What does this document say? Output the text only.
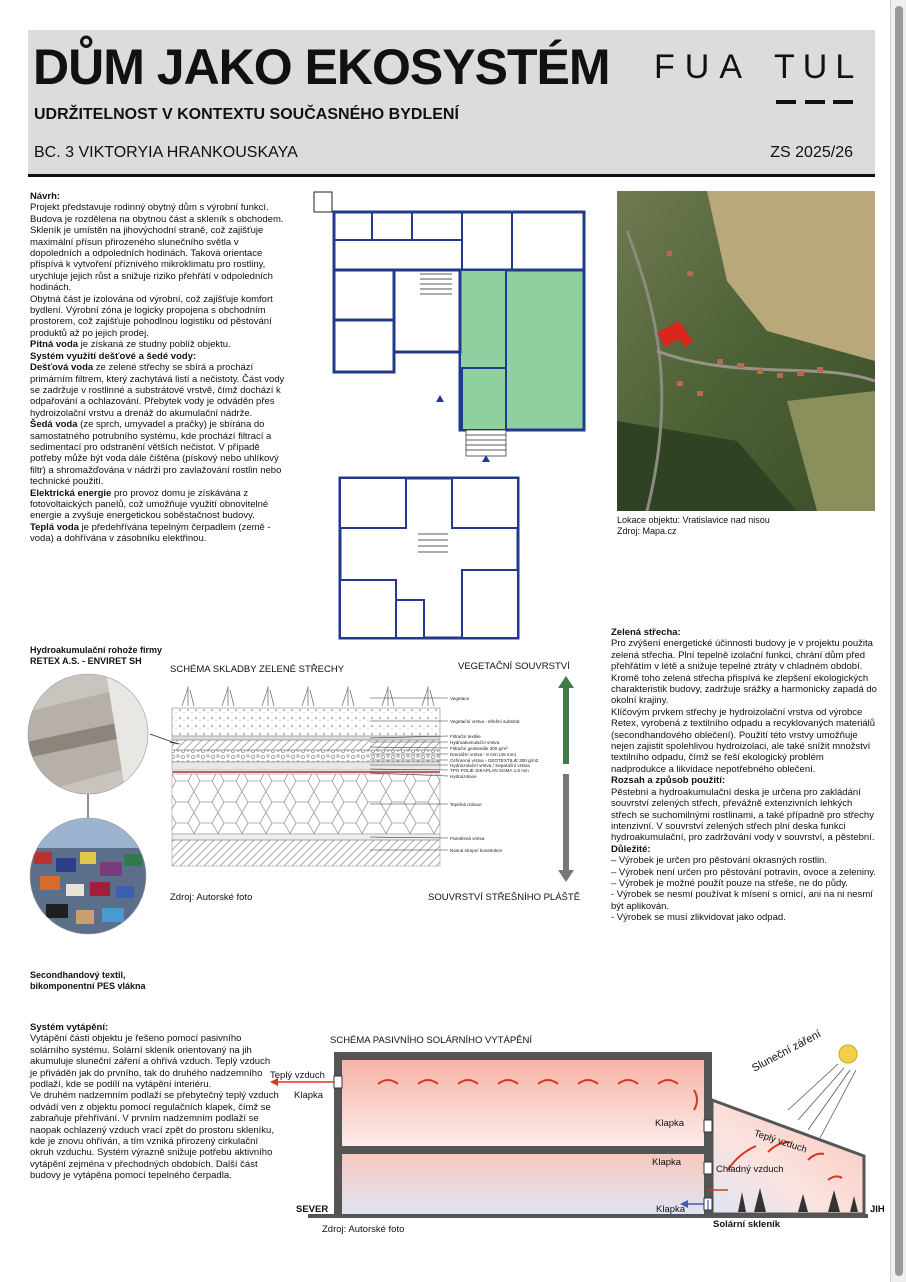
DŮM JAKO EKOSYSTÉM
UDRŽITELNOST V KONTEXTU SOUČASNÉHO BYDLENÍ
BC. 3 VIKTORYIA HRANKOUSKAYA	ZS 2025/26
FUA TUL

Návrh:

Projekt představuje rodinný obytný dům s výrobní funkcí. Budova je rozdělena na obytnou část a skleník s obchodem. Skleník je umístěn na jihovýchodní straně, což zajišťuje maximální přísun přirozeného slunečního světla v dopoledních a odpoledních hodinách. Taková orientace přispívá k vytvoření příznivého mikroklimatu pro rostliny, urychluje jejich růst a snižuje riziko přehřátí v odpoledních hodinách.

Obytná část je izolována od výrobní, což zajišťuje komfort bydlení. Výrobní zóna je logicky propojena s obchodním prostorem, což zajišťuje pohodlnou logistiku od pěstování produktů až po jejich prodej.

Pitná voda je získaná ze studny poblíž objektu.

Systém využití dešťové a šedé vody:

Dešťová voda ze zelené střechy se sbírá a prochází primárním filtrem, který zachytává listí a nečistoty. Část vody se zadržuje v rostlinné a substrátové vrstvě, čímž dochází k odpařování a ochlazování. Přebytek vody je odváděn přes hydroizolační vrstvu a drenáž do akumulační nádrže.

Šedá voda (ze sprch, umyvadel a pračky) je sbírána do samostatného potrubního systému, kde prochází filtrací a sedimentací pro odstranění větších nečistot. V případě potřeby může být voda dále čištěna (pískový nebo uhlíkový filtr) a shromažďována v nádrži pro zavlažování rostlin nebo technické použití.

Elektrická energie pro provoz domu je získávána z fotovoltaických panelů, což umožňuje využití obnovitelné energie a zvyšuje energetickou soběstačnost budovy.

Teplá voda je předehřívána tepelným čerpadlem (země - voda) a dohřívána v zásobníku elektřinou.

Lokace objektu: Vratislavice nad nisou
Zdroj: Mapa.cz
Hydroakumulační rohože firmy
RETEX A.S. - ENVIRET SH
Secondhandový textil,
bikomponentní PES vlákna
SCHÉMA SKLADBY ZELENÉ STŘECHY	VEGETAČNÍ SOUVRSTVÍ
Vegetace
Vegetační vrstva - střešní substrát
Filtrační textilie
Hydroakumulační vrstva
Filtrační geotextilie 300 g/m²
Drenážní vrstva - 8 mm (45 mm)
Ochranná vrstva - GEOTEXTILIE 300 g/m2
Hydroizolační vrstva / Separační vrstva
TPO FOLIE SIKAPLAN SGMA 1,8 mm
Hydroizolace
Tepelná izolace
Parotěsná vrstva
Nosná stropní konstrukce
Zdroj: Autorské foto	SOUVRSTVÍ STŘEŠNÍHO PLÁŠTĚ

Zelená střecha:

Pro zvýšení energetické účinnosti budovy je v projektu použita zelená střecha. Plní tepelně izolační funkci, chrání dům před přehřátím v létě a snižuje tepelné ztráty v chladném období. Kromě toho zelená střecha přispívá ke zlepšení ekologických charakteristik budovy, zadržuje srážky a harmonicky zapadá do okolní krajiny.

Klíčovým prvkem střechy je hydroizolační vrstva od výrobce Retex, vyrobená z textilního odpadu a recyklovaných materiálů (secondhandového oblečení). Použití této vrstvy umožňuje nejen zajistit spolehlivou hydroizolaci, ale také snížit množství textilního odpadu, čímž se řeší ekologický problém nadprodukce a likvidace nepotřebného oblečení.

Rozsah a způsob použití:

Pěstební a hydroakumulační deska je určena pro zakládání souvrství zelených střech, převážně extenzivních lehkých střech se suchomilnými rostlinami, a také případně pro střechy intenzivní. V souvrství zelených střech plní deska funkci hydroakumulační, pro zadržování vody v souvrství, a pěstební.

Důležité:

– Výrobek je určen pro pěstování okrasných rostlin.

– Výrobek není určen pro pěstování potravin, ovoce a zeleniny.

– Výrobek je možné použít pouze na střeše, ne do půdy.

- Výrobek se nesmí používat k mísení s ornicí, ani na ni nesmí být aplikován.

- Výrobek se musí zlikvidovat jako odpad.

Systém vytápění:

Vytápění části objektu je řešeno pomocí pasivního solárního systému. Solární skleník orientovaný na jih akumuluje sluneční záření a ohřívá vzduch. Teplý vzduch je přiváděn jak do prvního, tak do druhého nadzemního podlaží, kde se podílí na vytápění interiéru.

Ve druhém nadzemním podlaží se přebytečný teplý vzduch odvádí ven z objektu pomocí regulačních klapek, čímž se zabraňuje přehřívání. V prvním nadzemním podlaží se naopak ochlazený vzduch vrací zpět do prostoru skleníku, kde je znovu ohříván, a tím vzniká přirozený cirkulační okruh vzduchu. Systém výrazně snižuje potřebu aktivního vytápění zejména v přechodných obdobích. Další část budovy je vytápěna pomocí tepelného čerpadla.

SCHÉMA PASIVNÍHO SOLÁRNÍHO VYTÁPĚNÍ
Teplý vzduch
Klapka
Klapka
Klapka
Klapka
Sluneční záření
Teplý vzduch
Chladný vzduch
SEVER	JIH
Solární skleník
Zdroj: Autorské foto
